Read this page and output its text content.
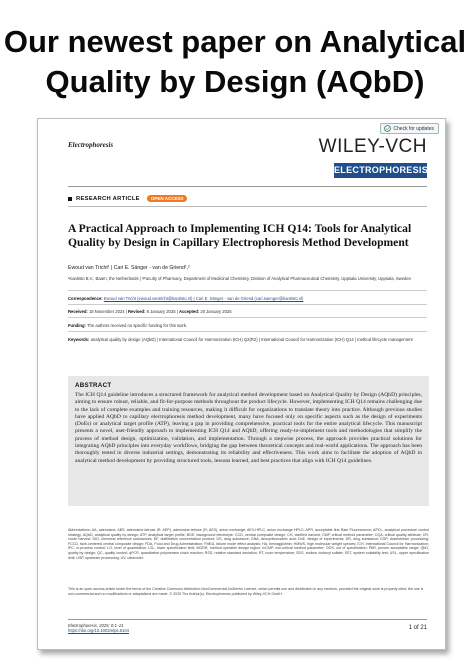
Our newest paper on Analytical
Quality by Design (AQbD)
Check for updates
Electrophoresis	WILEY-VCH
ELECTROPHORESIS
RESEARCH ARTICLE	OPEN ACCESS
A Practical Approach to Implementing ICH Q14: Tools for Analytical Quality by Design in Capillary Electrophoresis Method Development
Ewoud van Tricht¹ | Cari E. Sänger - van de Griend¹,²
¹Kantisto B.V., Baarn, the Netherlands | ²Faculty of Pharmacy, Department of Medicinal Chemistry, Division of Analytical Pharmaceutical Chemistry, Uppsala University, Uppsala, Sweden
Correspondence: Ewoud van Tricht (ewoud.vantricht@kantisto.nl) | Cari E. Sänger - van de Griend (cari.saenger@kantisto.nl)
Received: 18 November 2024 | Revised: 8 January 2025 | Accepted: 20 January 2025
Funding: The authors received no specific funding for this work.
Keywords: analytical quality by design (AQbD) | International Council for Harmonization (ICH) Q2(R2) | International Council for Harmonization (ICH) Q14 | method lifecycle management
ABSTRACT
The ICH Q14 guideline introduces a structured framework for analytical method development based on Analytical Quality by Design (AQbD) principles, aiming to ensure robust, reliable, and fit-for-purpose methods throughout the product lifecycle. However, implementing ICH Q14 remains challenging due to the lack of complete examples and training resources, making it difficult for organizations to translate theory into practice. Although previous studies have applied AQbD to capillary electrophoresis method development, many have focused only on specific aspects such as the design of experiments (DoEs) or analytical target profile (ATP), leaving a gap in providing comprehensive, practical tools for the entire analytical lifecycle. This manuscript presents a novel, user-friendly approach to implementing ICH Q14 and AQbD, offering ready-to-implement tools and methodologies that simplify the process of method design, optimization, validation, and implementation. Through a stepwise process, the approach provides practical solutions for integrating AQbD principles into everyday workflows, bridging the gap between theoretical concepts and real-world applications. The approach has been thoroughly tested in diverse industrial settings, demonstrating its reliability and effectiveness. This work aims to facilitate the adoption of AQbD in analytical method development by providing structured tools, lessons learned, and best practices that align with ICH Q14 guidelines.
Abbreviations: AA, adenosine; ABS, adenosine-tetrose (R; AEP), adenosine-tetrose (R; AES), anion exchange; AEX-HPLC, anion exchange HPLC; APR, acceptable first Rate Fluorescence; APCL, analytical procedure control strategy; AQbD, analytical quality by design; ATP, analytical target profile; BGE, background electrolyte; CCD, central composite design; CH, clarified harvest; CMP, critical method parameter; CQA, critical quality attribute; CR, crude harvest; DIG, chemical reference substances; DF, diafiltration concentration product; DS, drug substance; DNA, deoxyribonucleic acid; DoE, design of experiments; DR, drug substance; DSP, downstream processing; FCCD, face-centered central composite design; FDA, Food and Drug Administration; FMEA, failure mode effect analysis; HA, hemagglutinin; HMWS, high molecular weight species; ICH, International Council for Harmonization; IPC, in-process control; LO, level of quantitation; LSL, lower specification limit; MODR, method operable design region; mCMP, non-critical method parameter; OOS, out of specification; PAR, proven acceptable range; QbD, quality by design; QC, quality control; qPCR, quantitative polymerase chain reaction; RSD, relative standard deviation; RT, room temperature; SDS, sodium dodecyl sulfate; SST, system suitability test; USL, upper specification limit; USP, upstream processing; UV, ultraviolet.
This is an open access article under the terms of the Creative Commons Attribution-NonCommercial-NoDerivs License, which permits use and distribution in any medium, provided the original work is properly cited, the use is non-commercial and no modifications or adaptations are made. © 2025 The Author(s). Electrophoresis published by Wiley-VCH GmbH.
Electrophoresis, 2025; 0:1–21
https://doi.org/10.1002/elps.8104	1 of 21
